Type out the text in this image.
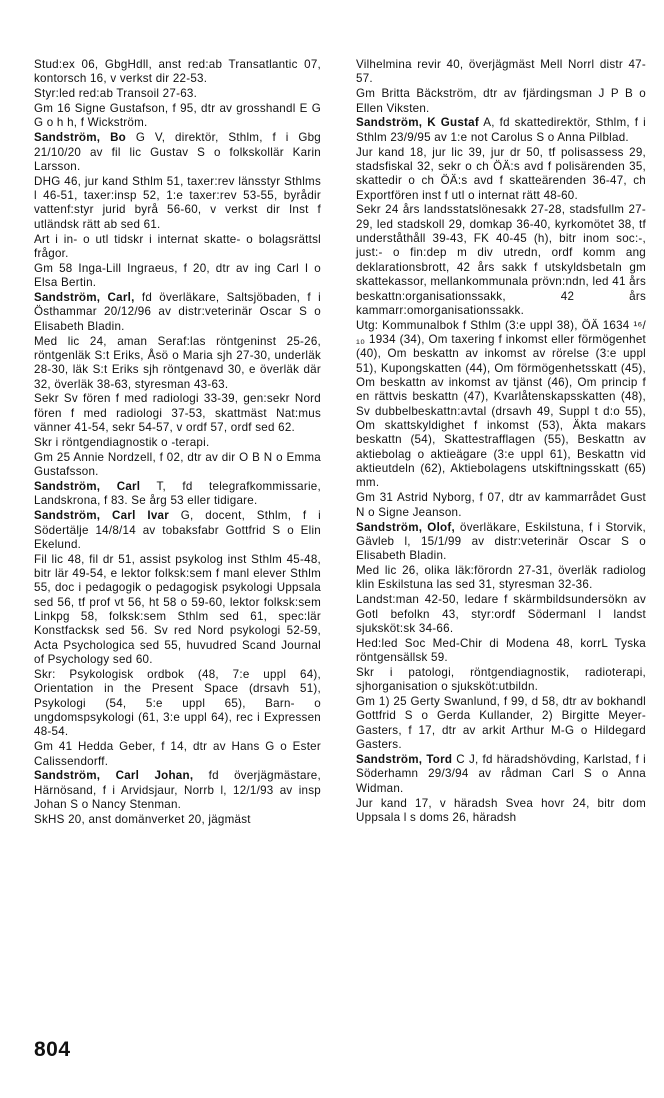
Stud:ex 06, GbgHdll, anst red:ab Transatlantic 07, kontorsch 16, v verkst dir 22-53.

Styr:led red:ab Transoil 27-63.

Gm 16 Signe Gustafson, f 95, dtr av grosshandl E G G o h h, f Wickström.

Sandström, Bo G V, direktör, Sthlm, f i Gbg 21/10/20 av fil lic Gustav S o folkskollär Karin Larsson.

DHG 46, jur kand Sthlm 51, taxer:rev länsstyr Sthlms l 46-51, taxer:insp 52, 1:e taxer:rev 53-55, byrådir vattenf:styr jurid byrå 56-60, v verkst dir Inst f utländsk rätt ab sed 61.

Art i in- o utl tidskr i internat skatte- o bolagsrättsl frågor.

Gm 58 Inga-Lill Ingraeus, f 20, dtr av ing Carl I o Elsa Bertin.

Sandström, Carl, fd överläkare, Saltsjöbaden, f i Östhammar 20/12/96 av distr:veterinär Oscar S o Elisabeth Bladin.

Med lic 24, aman Seraf:las röntgeninst 25-26, röntgenläk S:t Eriks, Åsö o Maria sjh 27-30, underläk 28-30, läk S:t Eriks sjh röntgenavd 30, e överläk där 32, överläk 38-63, styresman 43-63.

Sekr Sv fören f med radiologi 33-39, gen:sekr Nord fören f med radiologi 37-53, skattmäst Nat:mus vänner 41-54, sekr 54-57, v ordf 57, ordf sed 62.

Skr i röntgendiagnostik o -terapi.

Gm 25 Annie Nordzell, f 02, dtr av dir O B N o Emma Gustafsson.

Sandström, Carl T, fd telegrafkommissarie, Landskrona, f 83. Se årg 53 eller tidigare.

Sandström, Carl Ivar G, docent, Sthlm, f i Södertälje 14/8/14 av tobaksfabr Gottfrid S o Elin Ekelund.

Fil lic 48, fil dr 51, assist psykolog inst Sthlm 45-48, bitr lär 49-54, e lektor folksk:sem f manl elever Sthlm 55, doc i pedagogik o pedagogisk psykologi Uppsala sed 56, tf prof vt 56, ht 58 o 59-60, lektor folksk:sem Linkpg 58, folksk:sem Sthlm sed 61, spec:lär Konstfacksk sed 56. Sv red Nord psykologi 52-59, Acta Psychologica sed 55, huvudred Scand Journal of Psychology sed 60.

Skr: Psykologisk ordbok (48, 7:e uppl 64), Orientation in the Present Space (drsavh 51), Psykologi (54, 5:e uppl 65), Barn- o ungdomspsykologi (61, 3:e uppl 64), rec i Expressen 48-54.

Gm 41 Hedda Geber, f 14, dtr av Hans G o Ester Calissendorff.

Sandström, Carl Johan, fd överjägmästare, Härnösand, f i Arvidsjaur, Norrb l, 12/1/93 av insp Johan S o Nancy Stenman.

SkHS 20, anst domänverket 20, jägmäst

Vilhelmina revir 40, överjägmäst Mell Norrl distr 47-57.

Gm Britta Bäckström, dtr av fjärdingsman J P B o Ellen Viksten.

Sandström, K Gustaf A, fd skattedirektör, Sthlm, f i Sthlm 23/9/95 av 1:e not Carolus S o Anna Pilblad.

Jur kand 18, jur lic 39, jur dr 50, tf polisassess 29, stadsfiskal 32, sekr o ch ÖÄ:s avd f polisärenden 35, skattedir o ch ÖÄ:s avd f skatteärenden 36-47, ch Exportfören inst f utl o internat rätt 48-60.

Sekr 24 års landsstatslönesakk 27-28, stadsfullm 27-29, led stadskoll 29, domkap 36-40, kyrkomötet 38, tf underståthåll 39-43, FK 40-45 (h), bitr inom soc:-, just:- o fin:dep m div utredn, ordf komm ang deklarationsbrott, 42 års sakk f utskyldsbetaln gm skattekassor, mellankommunala prövn:ndn, led 41 års beskattn:organisationssakk, 42 års kammarr:omorganisationssakk.

Utg: Kommunalbok f Sthlm (3:e uppl 38), ÖÄ 1634 ¹⁶/₁₀ 1934 (34), Om taxering f inkomst eller förmögenhet (40), Om beskattn av inkomst av rörelse (3:e uppl 51), Kupongskatten (44), Om förmögenhetsskatt (45), Om beskattn av inkomst av tjänst (46), Om princip f en rättvis beskattn (47), Kvarlåtenskapsskatten (48), Sv dubbelbeskattn:avtal (drsavh 49, Suppl t d:o 55), Om skattskyldighet f inkomst (53), Äkta makars beskattn (54), Skattestrafflagen (55), Beskattn av aktiebolag o aktieägare (3:e uppl 61), Beskattn vid aktieutdeln (62), Aktiebolagens utskiftningsskatt (65) mm.

Gm 31 Astrid Nyborg, f 07, dtr av kammarrådet Gust N o Signe Jeanson.

Sandström, Olof, överläkare, Eskilstuna, f i Storvik, Gävleb l, 15/1/99 av distr:veterinär Oscar S o Elisabeth Bladin.

Med lic 26, olika läk:förordn 27-31, överläk radiolog klin Eskilstuna las sed 31, styresman 32-36.

Landst:man 42-50, ledare f skärmbildsundersökn av Gotl befolkn 43, styr:ordf Södermanl l landst sjuksköt:sk 34-66.

Hed:led Soc Med-Chir di Modena 48, korrL Tyska röntgensällsk 59.

Skr i patologi, röntgendiagnostik, radioterapi, sjhorganisation o sjuksköt:utbildn.

Gm 1) 25 Gerty Swanlund, f 99, d 58, dtr av bokhandl Gottfrid S o Gerda Kullander, 2) Birgitte Meyer-Gasters, f 17, dtr av arkit Arthur M-G o Hildegard Gasters.

Sandström, Tord C J, fd häradshövding, Karlstad, f i Söderhamn 29/3/94 av rådman Carl S o Anna Widman.

Jur kand 17, v häradsh Svea hovr 24, bitr dom Uppsala l s doms 26, häradsh

804
